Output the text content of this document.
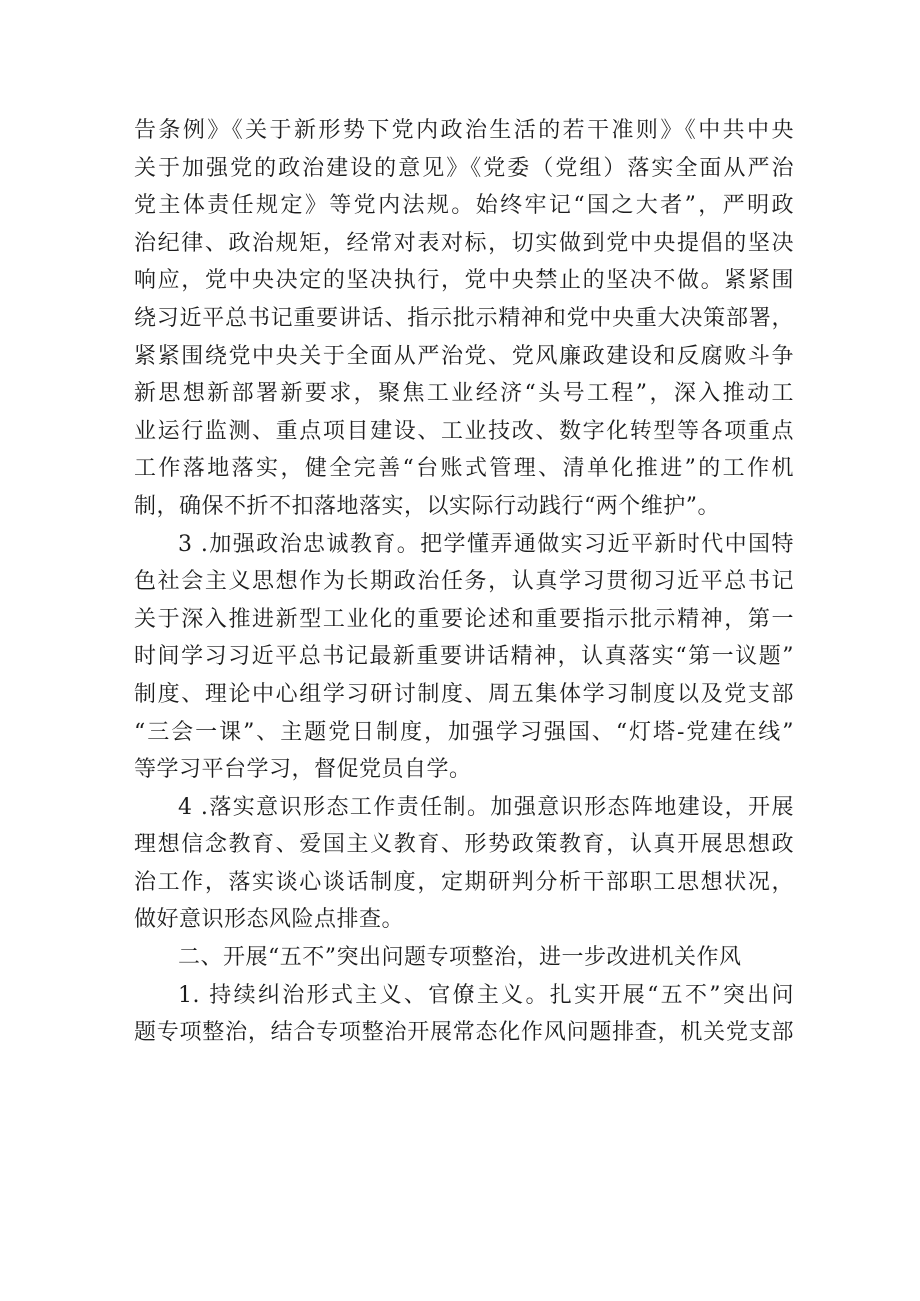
告条例》《关于新形势下党内政治生活的若干准则》《中共中央
关于加强党的政治建设的意见》《党委（党组）落实全面从严治
党主体责任规定》等党内法规。始终牢记“国之大者”，严明政
治纪律、政治规矩，经常对表对标，切实做到党中央提倡的坚决
响应，党中央决定的坚决执行，党中央禁止的坚决不做。紧紧围
绕习近平总书记重要讲话、指示批示精神和党中央重大决策部署，
紧紧围绕党中央关于全面从严治党、党风廉政建设和反腐败斗争
新思想新部署新要求，聚焦工业经济“头号工程”，深入推动工
业运行监测、重点项目建设、工业技改、数字化转型等各项重点
工作落地落实，健全完善“台账式管理、清单化推进”的工作机
制，确保不折不扣落地落实，以实际行动践行“两个维护”。
3 .加强政治忠诚教育。把学懂弄通做实习近平新时代中国特
色社会主义思想作为长期政治任务，认真学习贯彻习近平总书记
关于深入推进新型工业化的重要论述和重要指示批示精神，第一
时间学习习近平总书记最新重要讲话精神，认真落实“第一议题”
制度、理论中心组学习研讨制度、周五集体学习制度以及党支部
“三会一课”、主题党日制度，加强学习强国、“灯塔-党建在线”
等学习平台学习，督促党员自学。
4 .落实意识形态工作责任制。加强意识形态阵地建设，开展
理想信念教育、爱国主义教育、形势政策教育，认真开展思想政
治工作，落实谈心谈话制度，定期研判分析干部职工思想状况，
做好意识形态风险点排查。
二、开展“五不”突出问题专项整治，进一步改进机关作风
1. 持续纠治形式主义、官僚主义。扎实开展“五不”突出问
题专项整治，结合专项整治开展常态化作风问题排查，机关党支部
